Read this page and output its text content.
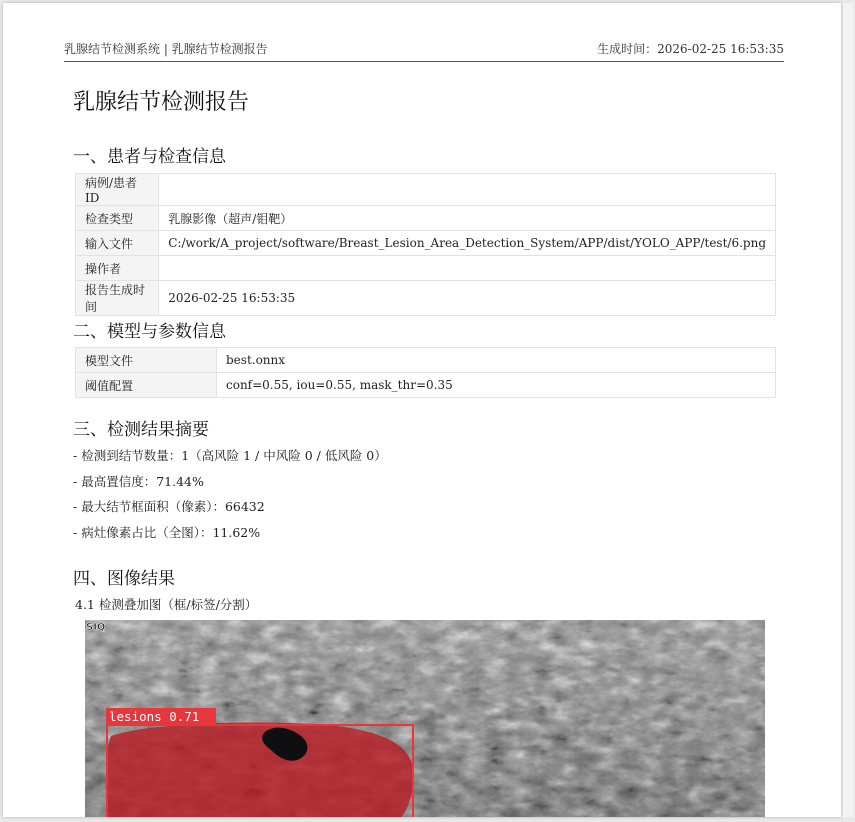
乳腺结节检测系统 | 乳腺结节检测报告	生成时间：2026-02-25 16:53:35
乳腺结节检测报告
一、患者与检查信息
病例/患者ID	
检查类型	乳腺影像（超声/钼靶）
输入文件	C:/work/A_project/software/Breast_Lesion_Area_Detection_System/APP/dist/YOLO_APP/test/6.png
操作者	
报告生成时间	2026-02-25 16:53:35
二、模型与参数信息
模型文件	best.onnx
阈值配置	conf=0.55, iou=0.55, mask_thr=0.35
三、检测结果摘要
- 检测到结节数量：1（高风险 1 / 中风险 0 / 低风险 0）
- 最高置信度：71.44%
- 最大结节框面积（像素）：66432
- 病灶像素占比（全图）：11.62%
四、图像结果
4.1 检测叠加图（框/标签/分割）
SIQ
lesions 0.71
